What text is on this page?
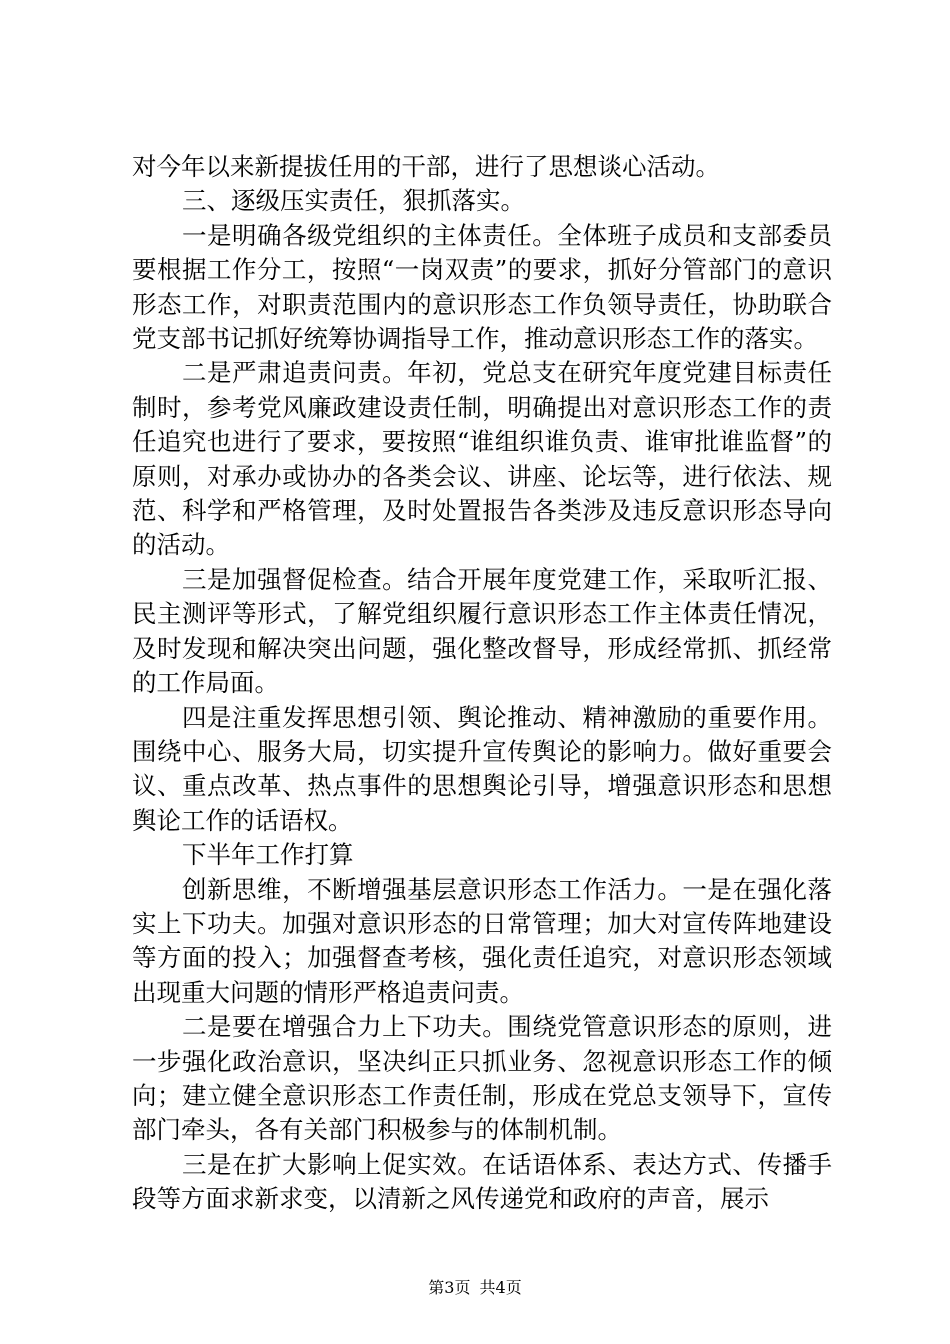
对今年以来新提拔任用的干部，进行了思想谈心活动。

三、逐级压实责任，狠抓落实。

一是明确各级党组织的主体责任。全体班子成员和支部委员要根据工作分工，按照“一岗双责”的要求，抓好分管部门的意识形态工作，对职责范围内的意识形态工作负领导责任，协助联合党支部书记抓好统筹协调指导工作，推动意识形态工作的落实。

二是严肃追责问责。年初，党总支在研究年度党建目标责任制时，参考党风廉政建设责任制，明确提出对意识形态工作的责任追究也进行了要求，要按照“谁组织谁负责、谁审批谁监督”的原则，对承办或协办的各类会议、讲座、论坛等，进行依法、规范、科学和严格管理，及时处置报告各类涉及违反意识形态导向的活动。

三是加强督促检查。结合开展年度党建工作，采取听汇报、民主测评等形式，了解党组织履行意识形态工作主体责任情况，及时发现和解决突出问题，强化整改督导，形成经常抓、抓经常的工作局面。

四是注重发挥思想引领、舆论推动、精神激励的重要作用。围绕中心、服务大局，切实提升宣传舆论的影响力。做好重要会议、重点改革、热点事件的思想舆论引导，增强意识形态和思想舆论工作的话语权。

下半年工作打算

创新思维，不断增强基层意识形态工作活力。一是在强化落实上下功夫。加强对意识形态的日常管理；加大对宣传阵地建设等方面的投入；加强督查考核，强化责任追究，对意识形态领域出现重大问题的情形严格追责问责。

二是要在增强合力上下功夫。围绕党管意识形态的原则，进一步强化政治意识，坚决纠正只抓业务、忽视意识形态工作的倾向；建立健全意识形态工作责任制，形成在党总支领导下，宣传部门牵头，各有关部门积极参与的体制机制。

三是在扩大影响上促实效。在话语体系、表达方式、传播手段等方面求新求变，以清新之风传递党和政府的声音，展示

第3页 共4页
